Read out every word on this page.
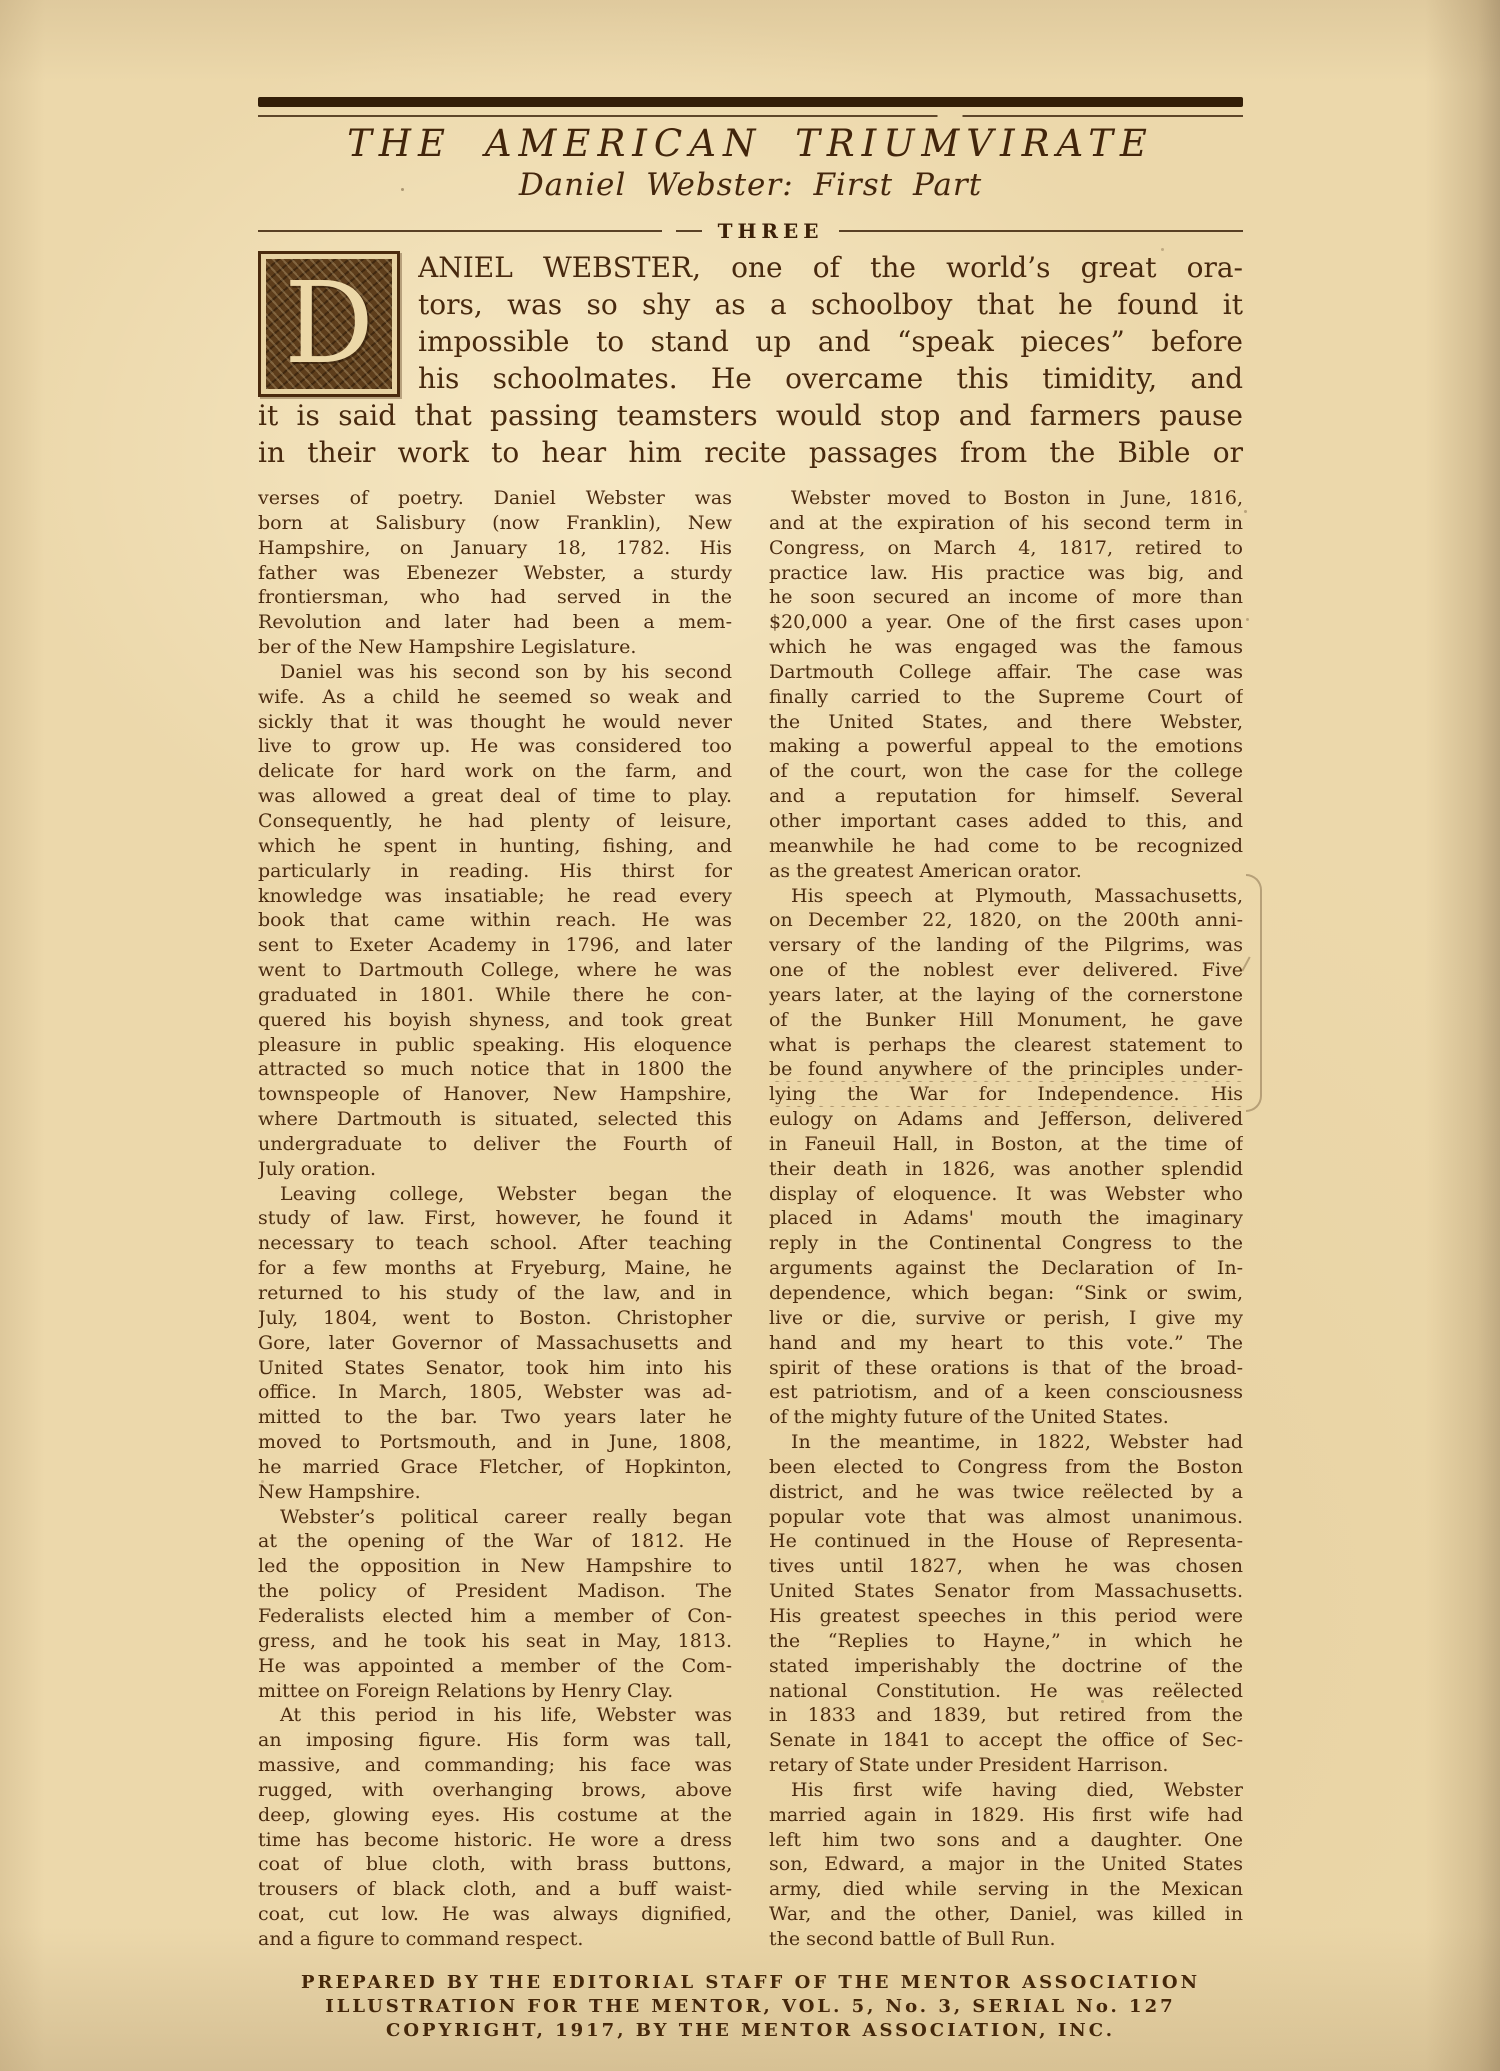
THE AMERICAN TRIUMVIRATE
Daniel Webster: First Part
THREE
D ANIEL WEBSTER, one of the world’s great ora-
tors, was so shy as a schoolboy that he found it
impossible to stand up and “speak pieces” before
his schoolmates. He overcame this timidity, and
it is said that passing teamsters would stop and farmers pause
in their work to hear him recite passages from the Bible or
verses of poetry. Daniel Webster was
born at Salisbury (now Franklin), New
Hampshire, on January 18, 1782. His
father was Ebenezer Webster, a sturdy
frontiersman, who had served in the
Revolution and later had been a mem-
ber of the New Hampshire Legislature.
Daniel was his second son by his second
wife. As a child he seemed so weak and
sickly that it was thought he would never
live to grow up. He was considered too
delicate for hard work on the farm, and
was allowed a great deal of time to play.
Consequently, he had plenty of leisure,
which he spent in hunting, fishing, and
particularly in reading. His thirst for
knowledge was insatiable; he read every
book that came within reach. He was
sent to Exeter Academy in 1796, and later
went to Dartmouth College, where he was
graduated in 1801. While there he con-
quered his boyish shyness, and took great
pleasure in public speaking. His eloquence
attracted so much notice that in 1800 the
townspeople of Hanover, New Hampshire,
where Dartmouth is situated, selected this
undergraduate to deliver the Fourth of
July oration.
Leaving college, Webster began the
study of law. First, however, he found it
necessary to teach school. After teaching
for a few months at Fryeburg, Maine, he
returned to his study of the law, and in
July, 1804, went to Boston. Christopher
Gore, later Governor of Massachusetts and
United States Senator, took him into his
office. In March, 1805, Webster was ad-
mitted to the bar. Two years later he
moved to Portsmouth, and in June, 1808,
he married Grace Fletcher, of Hopkinton,
New Hampshire.
Webster’s political career really began
at the opening of the War of 1812. He
led the opposition in New Hampshire to
the policy of President Madison. The
Federalists elected him a member of Con-
gress, and he took his seat in May, 1813.
He was appointed a member of the Com-
mittee on Foreign Relations by Henry Clay.
At this period in his life, Webster was
an imposing figure. His form was tall,
massive, and commanding; his face was
rugged, with overhanging brows, above
deep, glowing eyes. His costume at the
time has become historic. He wore a dress
coat of blue cloth, with brass buttons,
trousers of black cloth, and a buff waist-
coat, cut low. He was always dignified,
and a figure to command respect.
Webster moved to Boston in June, 1816,
and at the expiration of his second term in
Congress, on March 4, 1817, retired to
practice law. His practice was big, and
he soon secured an income of more than
$20,000 a year. One of the first cases upon
which he was engaged was the famous
Dartmouth College affair. The case was
finally carried to the Supreme Court of
the United States, and there Webster,
making a powerful appeal to the emotions
of the court, won the case for the college
and a reputation for himself. Several
other important cases added to this, and
meanwhile he had come to be recognized
as the greatest American orator.
His speech at Plymouth, Massachusetts,
on December 22, 1820, on the 200th anni-
versary of the landing of the Pilgrims, was
one of the noblest ever delivered. Five
years later, at the laying of the cornerstone
of the Bunker Hill Monument, he gave
what is perhaps the clearest statement to
be found anywhere of the principles under-
lying the War for Independence. His
eulogy on Adams and Jefferson, delivered
in Faneuil Hall, in Boston, at the time of
their death in 1826, was another splendid
display of eloquence. It was Webster who
placed in Adams' mouth the imaginary
reply in the Continental Congress to the
arguments against the Declaration of In-
dependence, which began: “Sink or swim,
live or die, survive or perish, I give my
hand and my heart to this vote.” The
spirit of these orations is that of the broad-
est patriotism, and of a keen consciousness
of the mighty future of the United States.
In the meantime, in 1822, Webster had
been elected to Congress from the Boston
district, and he was twice reëlected by a
popular vote that was almost unanimous.
He continued in the House of Representa-
tives until 1827, when he was chosen
United States Senator from Massachusetts.
His greatest speeches in this period were
the “Replies to Hayne,” in which he
stated imperishably the doctrine of the
national Constitution. He was reëlected
in 1833 and 1839, but retired from the
Senate in 1841 to accept the office of Sec-
retary of State under President Harrison.
His first wife having died, Webster
married again in 1829. His first wife had
left him two sons and a daughter. One
son, Edward, a major in the United States
army, died while serving in the Mexican
War, and the other, Daniel, was killed in
the second battle of Bull Run.
PREPARED BY THE EDITORIAL STAFF OF THE MENTOR ASSOCIATION
ILLUSTRATION FOR THE MENTOR, VOL. 5, No. 3, SERIAL No. 127
COPYRIGHT, 1917, BY THE MENTOR ASSOCIATION, INC.
